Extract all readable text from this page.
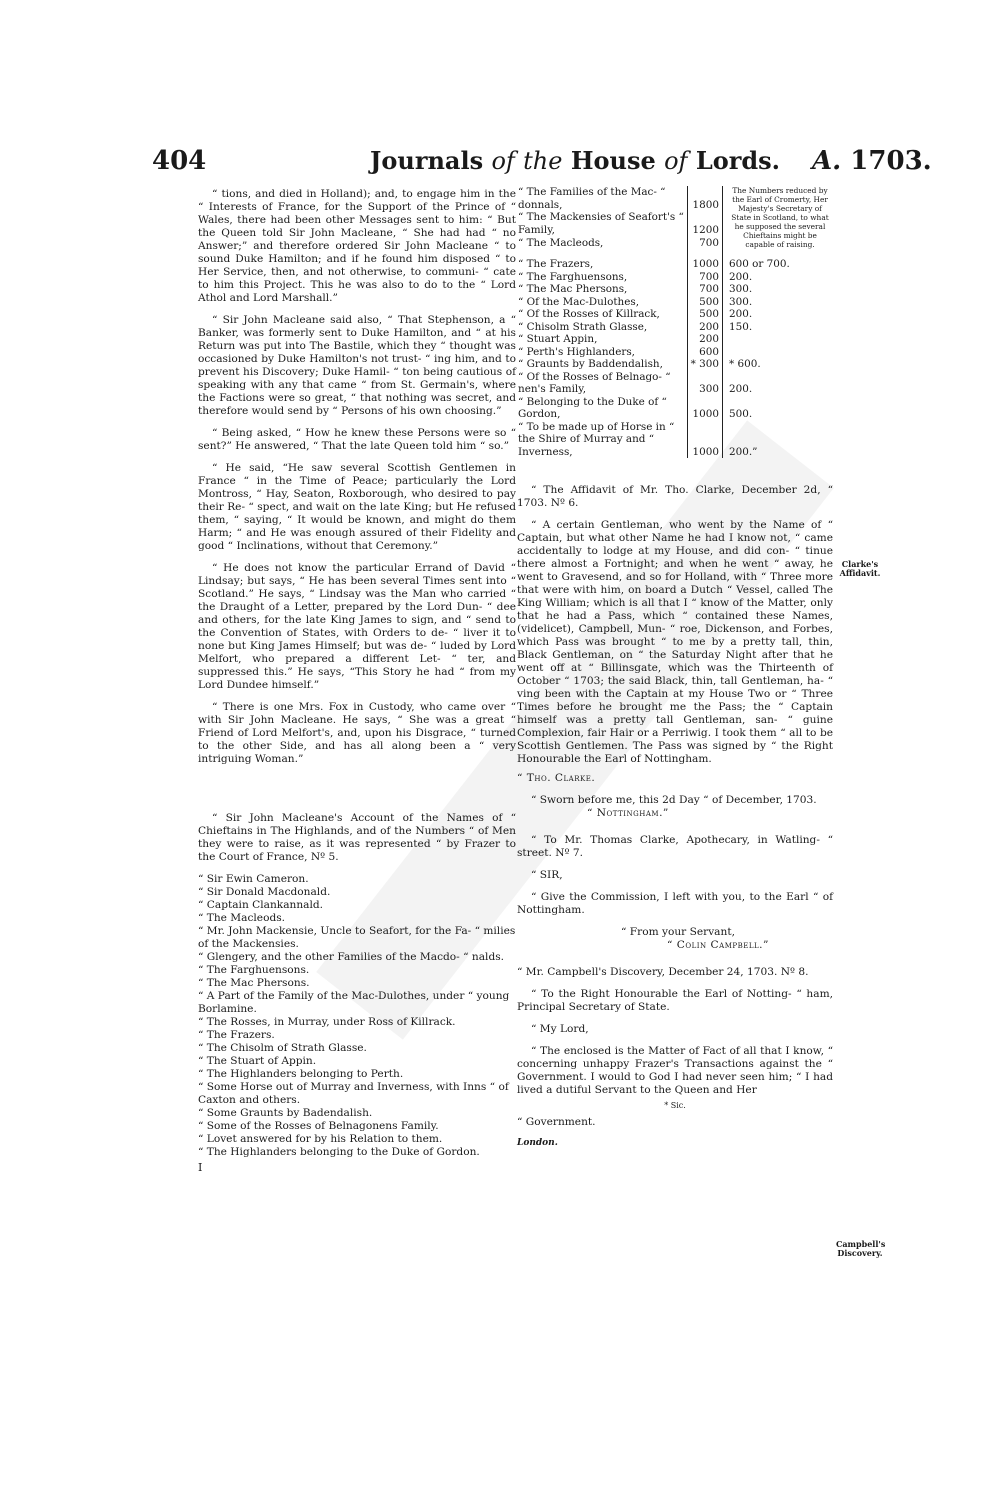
404	Journals of the House of Lords. A. 1703.

“ tions, and died in Holland); and, to engage him in the “ Interests of France, for the Support of the Prince of “ Wales, there had been other Messages sent to him: “ But the Queen told Sir John Macleane, “ She had had “ no Answer;” and therefore ordered Sir John Macleane “ to sound Duke Hamilton; and if he found him disposed “ to Her Service, then, and not otherwise, to communi- “ cate to him this Project. This he was also to do to the “ Lord Athol and Lord Marshall.”

“ Sir John Macleane said also, “ That Stephenson, a “ Banker, was formerly sent to Duke Hamilton, and “ at his Return was put into The Bastile, which they “ thought was occasioned by Duke Hamilton's not trust- “ ing him, and to prevent his Discovery; Duke Hamil- “ ton being cautious of speaking with any that came “ from St. Germain's, where the Factions were so great, “ that nothing was secret, and therefore would send by “ Persons of his own choosing.”

“ Being asked, “ How he knew these Persons were so “ sent?” He answered, “ That the late Queen told him “ so.”

“ He said, “He saw several Scottish Gentlemen in France “ in the Time of Peace; particularly the Lord Montross, “ Hay, Seaton, Roxborough, who desired to pay their Re- “ spect, and wait on the late King; but He refused them, “ saying, “ It would be known, and might do them Harm; “ and He was enough assured of their Fidelity and good “ Inclinations, without that Ceremony.”

“ He does not know the particular Errand of David “ Lindsay; but says, “ He has been several Times sent into “ Scotland.” He says, “ Lindsay was the Man who carried “ the Draught of a Letter, prepared by the Lord Dun- “ dee and others, for the late King James to sign, and “ send to the Convention of States, with Orders to de- “ liver it to none but King James Himself; but was de- “ luded by Lord Melfort, who prepared a different Let- “ ter, and suppressed this.” He says, “This Story he had “ from my Lord Dundee himself.”

“ There is one Mrs. Fox in Custody, who came over “ with Sir John Macleane. He says, “ She was a great “ Friend of Lord Melfort's, and, upon his Disgrace, “ turned to the other Side, and has all along been a “ very intriguing Woman.”

“ Sir John Macleane's Account of the Names of “ Chieftains in The Highlands, and of the Numbers “ of Men they were to raise, as it was represented “ by Frazer to the Court of France, Nº 5.

“ Sir Ewin Cameron.
“ Sir Donald Macdonald.
“ Captain Clankannald.
“ The Macleods.
“ Mr. John Mackensie, Uncle to Seafort, for the Fa- “ milies of the Mackensies.
“ Glengery, and the other Families of the Macdo- “ nalds.
“ The Farghuensons.
“ The Mac Phersons.
“ A Part of the Family of the Mac-Dulothes, under “ young Borlamine.
“ The Rosses, in Murray, under Ross of Killrack.
“ The Frazers.
“ The Chisolm of Strath Glasse.
“ The Stuart of Appin.
“ The Highlanders belonging to Perth.
“ Some Horse out of Murray and Inverness, with Inns “ of Caxton and others.
“ Some Graunts by Badendalish.
“ Some of the Rosses of Belnagonens Family.
“ Lovet answered for by his Relation to them.
“ The Highlanders belonging to the Duke of Gordon.
I
“ The Families of the Mac- “ donnals,	1800	The Numbers reduced by the Earl of Cromerty, Her Majesty's Secretary of State in Scotland, to what he supposed the several Chieftains might be capable of raising.
“ The Mackensies of Seafort's “ Family,	1200	
“ The Macleods,	700	

“ The Frazers,	1000	600 or 700.
“ The Farghuensons,	700	200.
“ The Mac Phersons,	700	300.
“ Of the Mac-Dulothes,	500	300.
“ Of the Rosses of Killrack,	500	200.
“ Chisolm Strath Glasse,	200	150.
“ Stuart Appin,	200	
“ Perth's Highlanders,	600	
“ Graunts by Baddendalish,	* 300	* 600.
“ Of the Rosses of Belnago- “ nen's Family,	300	200.
“ Belonging to the Duke of “ Gordon,	1000	500.
“ To be made up of Horse in “ the Shire of Murray and “ Inverness,	1000	200.”

“ The Affidavit of Mr. Tho. Clarke, December 2d, “ 1703. Nº 6.

“ A certain Gentleman, who went by the Name of “ Captain, but what other Name he had I know not, “ came accidentally to lodge at my House, and did con- “ tinue there almost a Fortnight; and when he went “ away, he went to Gravesend, and so for Holland, with “ Three more that were with him, on board a Dutch “ Vessel, called The King William; which is all that I “ know of the Matter, only that he had a Pass, which “ contained these Names, (videlicet), Campbell, Mun- “ roe, Dickenson, and Forbes, which Pass was brought “ to me by a pretty tall, thin, Black Gentleman, on “ the Saturday Night after that he went off at “ Billinsgate, which was the Thirteenth of October “ 1703; the said Black, thin, tall Gentleman, ha- “ ving been with the Captain at my House Two or “ Three Times before he brought me the Pass; the “ Captain himself was a pretty tall Gentleman, san- “ guine Complexion, fair Hair or a Perriwig. I took them “ all to be Scottish Gentlemen. The Pass was signed by “ the Right Honourable the Earl of Nottingham.

“ Tho. Clarke.

“ Sworn before me, this 2d Day “ of December, 1703.

“ Nottingham.”

“ To Mr. Thomas Clarke, Apothecary, in Watling- “ street. Nº 7.

“ SIR,

“ Give the Commission, I left with you, to the Earl “ of Nottingham.

“ From your Servant,

“ Colin Campbell.”

“ Mr. Campbell's Discovery, December 24, 1703. Nº 8.

“ To the Right Honourable the Earl of Notting- “ ham, Principal Secretary of State.

“ My Lord,

“ The enclosed is the Matter of Fact of all that I know, “ concerning unhappy Frazer's Transactions against the “ Government. I would to God I had never seen him; “ I had lived a dutiful Servant to the Queen and Her

* Sic.

“ Government.

London.
Clarke's Affidavit.
Campbell's Discovery.
